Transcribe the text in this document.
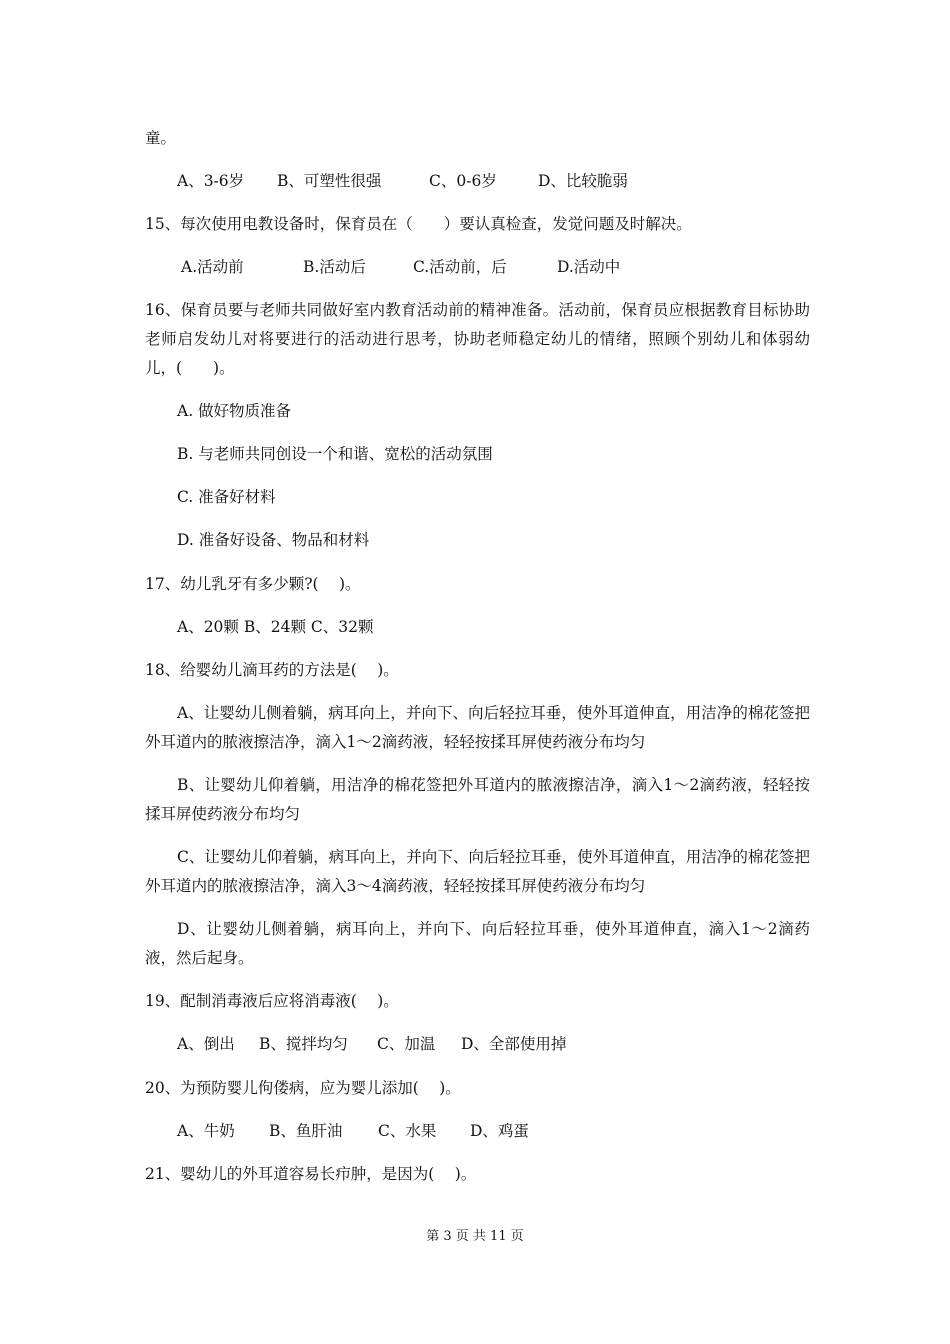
童。
A、3-6岁 B、可塑性很强	C、0-6岁	D、比较脆弱
15、每次使用电教设备时，保育员在（　　）要认真检查，发觉问题及时解决。
A.活动前	B.活动后	C.活动前，后	D.活动中
16、保育员要与老师共同做好室内教育活动前的精神准备。活动前，保育员应根据教育目标协助老师启发幼儿对将要进行的活动进行思考，协助老师稳定幼儿的情绪，照顾个别幼儿和体弱幼儿，(　　)。
A. 做好物质准备
B. 与老师共同创设一个和谐、宽松的活动氛围
C. 准备好材料
D. 准备好设备、物品和材料
17、幼儿乳牙有多少颗?(　 )。
A、20颗 B、24颗 C、32颗
18、给婴幼儿滴耳药的方法是(　 )。
A、让婴幼儿侧着躺，病耳向上，并向下、向后轻拉耳垂，使外耳道伸直，用洁净的棉花签把外耳道内的脓液擦洁净，滴入1～2滴药液，轻轻按揉耳屏使药液分布均匀
B、让婴幼儿仰着躺，用洁净的棉花签把外耳道内的脓液擦洁净，滴入1～2滴药液，轻轻按揉耳屏使药液分布均匀
C、让婴幼儿仰着躺，病耳向上，并向下、向后轻拉耳垂，使外耳道伸直，用洁净的棉花签把外耳道内的脓液擦洁净，滴入3～4滴药液，轻轻按揉耳屏使药液分布均匀
D、让婴幼儿侧着躺，病耳向上，并向下、向后轻拉耳垂，使外耳道伸直，滴入1～2滴药液，然后起身。
19、配制消毒液后应将消毒液(　 )。
A、倒出 B、搅拌均匀 C、加温 D、全部使用掉
20、为预防婴儿佝偻病，应为婴儿添加(　 )。
A、牛奶 B、鱼肝油 C、水果 D、鸡蛋
21、婴幼儿的外耳道容易长疖肿，是因为(　 )。
第 3 页 共 11 页
